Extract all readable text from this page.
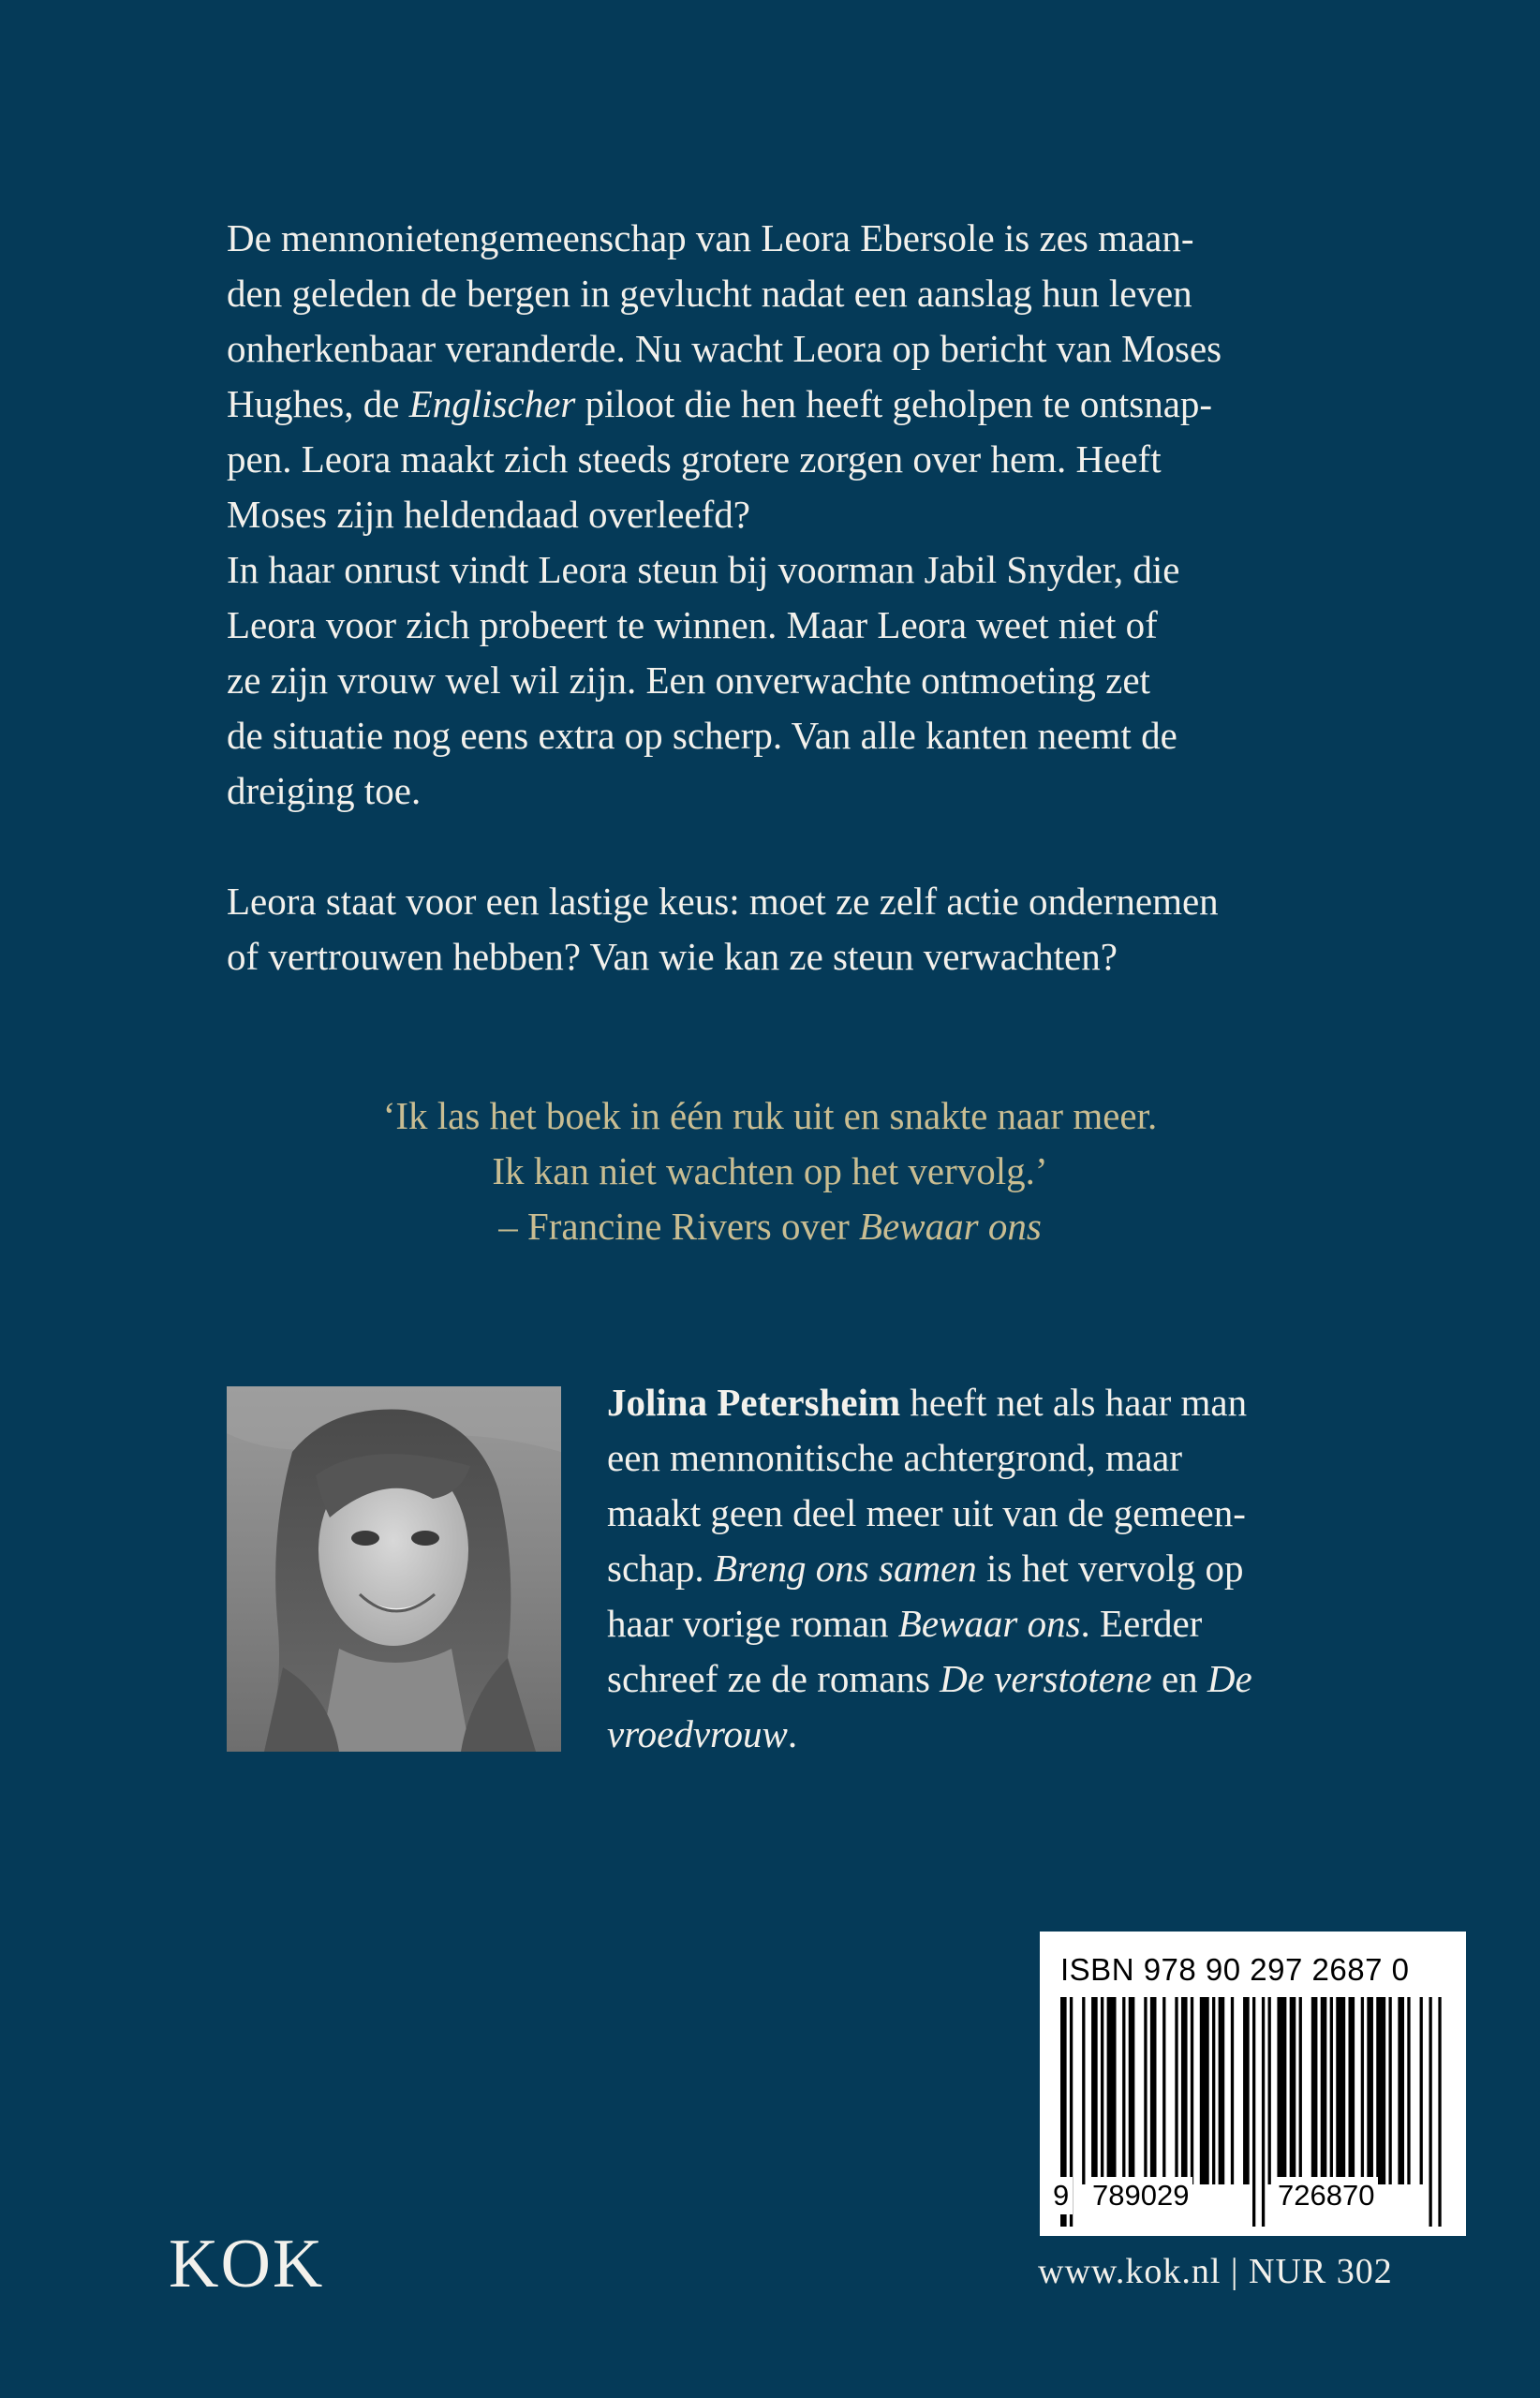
De mennonietengemeenschap van Leora Ebersole is zes maan-
den geleden de bergen in gevlucht nadat een aanslag hun leven
onherkenbaar veranderde. Nu wacht Leora op bericht van Moses
Hughes, de Englischer piloot die hen heeft geholpen te ontsnap-
pen. Leora maakt zich steeds grotere zorgen over hem. Heeft
Moses zijn heldendaad overleefd?

In haar onrust vindt Leora steun bij voorman Jabil Snyder, die
Leora voor zich probeert te winnen. Maar Leora weet niet of
ze zijn vrouw wel wil zijn. Een onverwachte ontmoeting zet
de situatie nog eens extra op scherp. Van alle kanten neemt de
dreiging toe.

Leora staat voor een lastige keus: moet ze zelf actie ondernemen
of vertrouwen hebben? Van wie kan ze steun verwachten?

‘Ik las het boek in één ruk uit en snakte naar meer.
Ik kan niet wachten op het vervolg.’
– Francine Rivers over Bewaar ons
Jolina Petersheim heeft net als haar man
een mennonitische achtergrond, maar
maakt geen deel meer uit van de gemeen-
schap. Breng ons samen is het vervolg op
haar vorige roman Bewaar ons. Eerder
schreef ze de romans De verstotene en De
vroedvrouw.
ISBN 978 90 297 2687 0
9 789029	726870
KOK	www.kok.nl | NUR 302
